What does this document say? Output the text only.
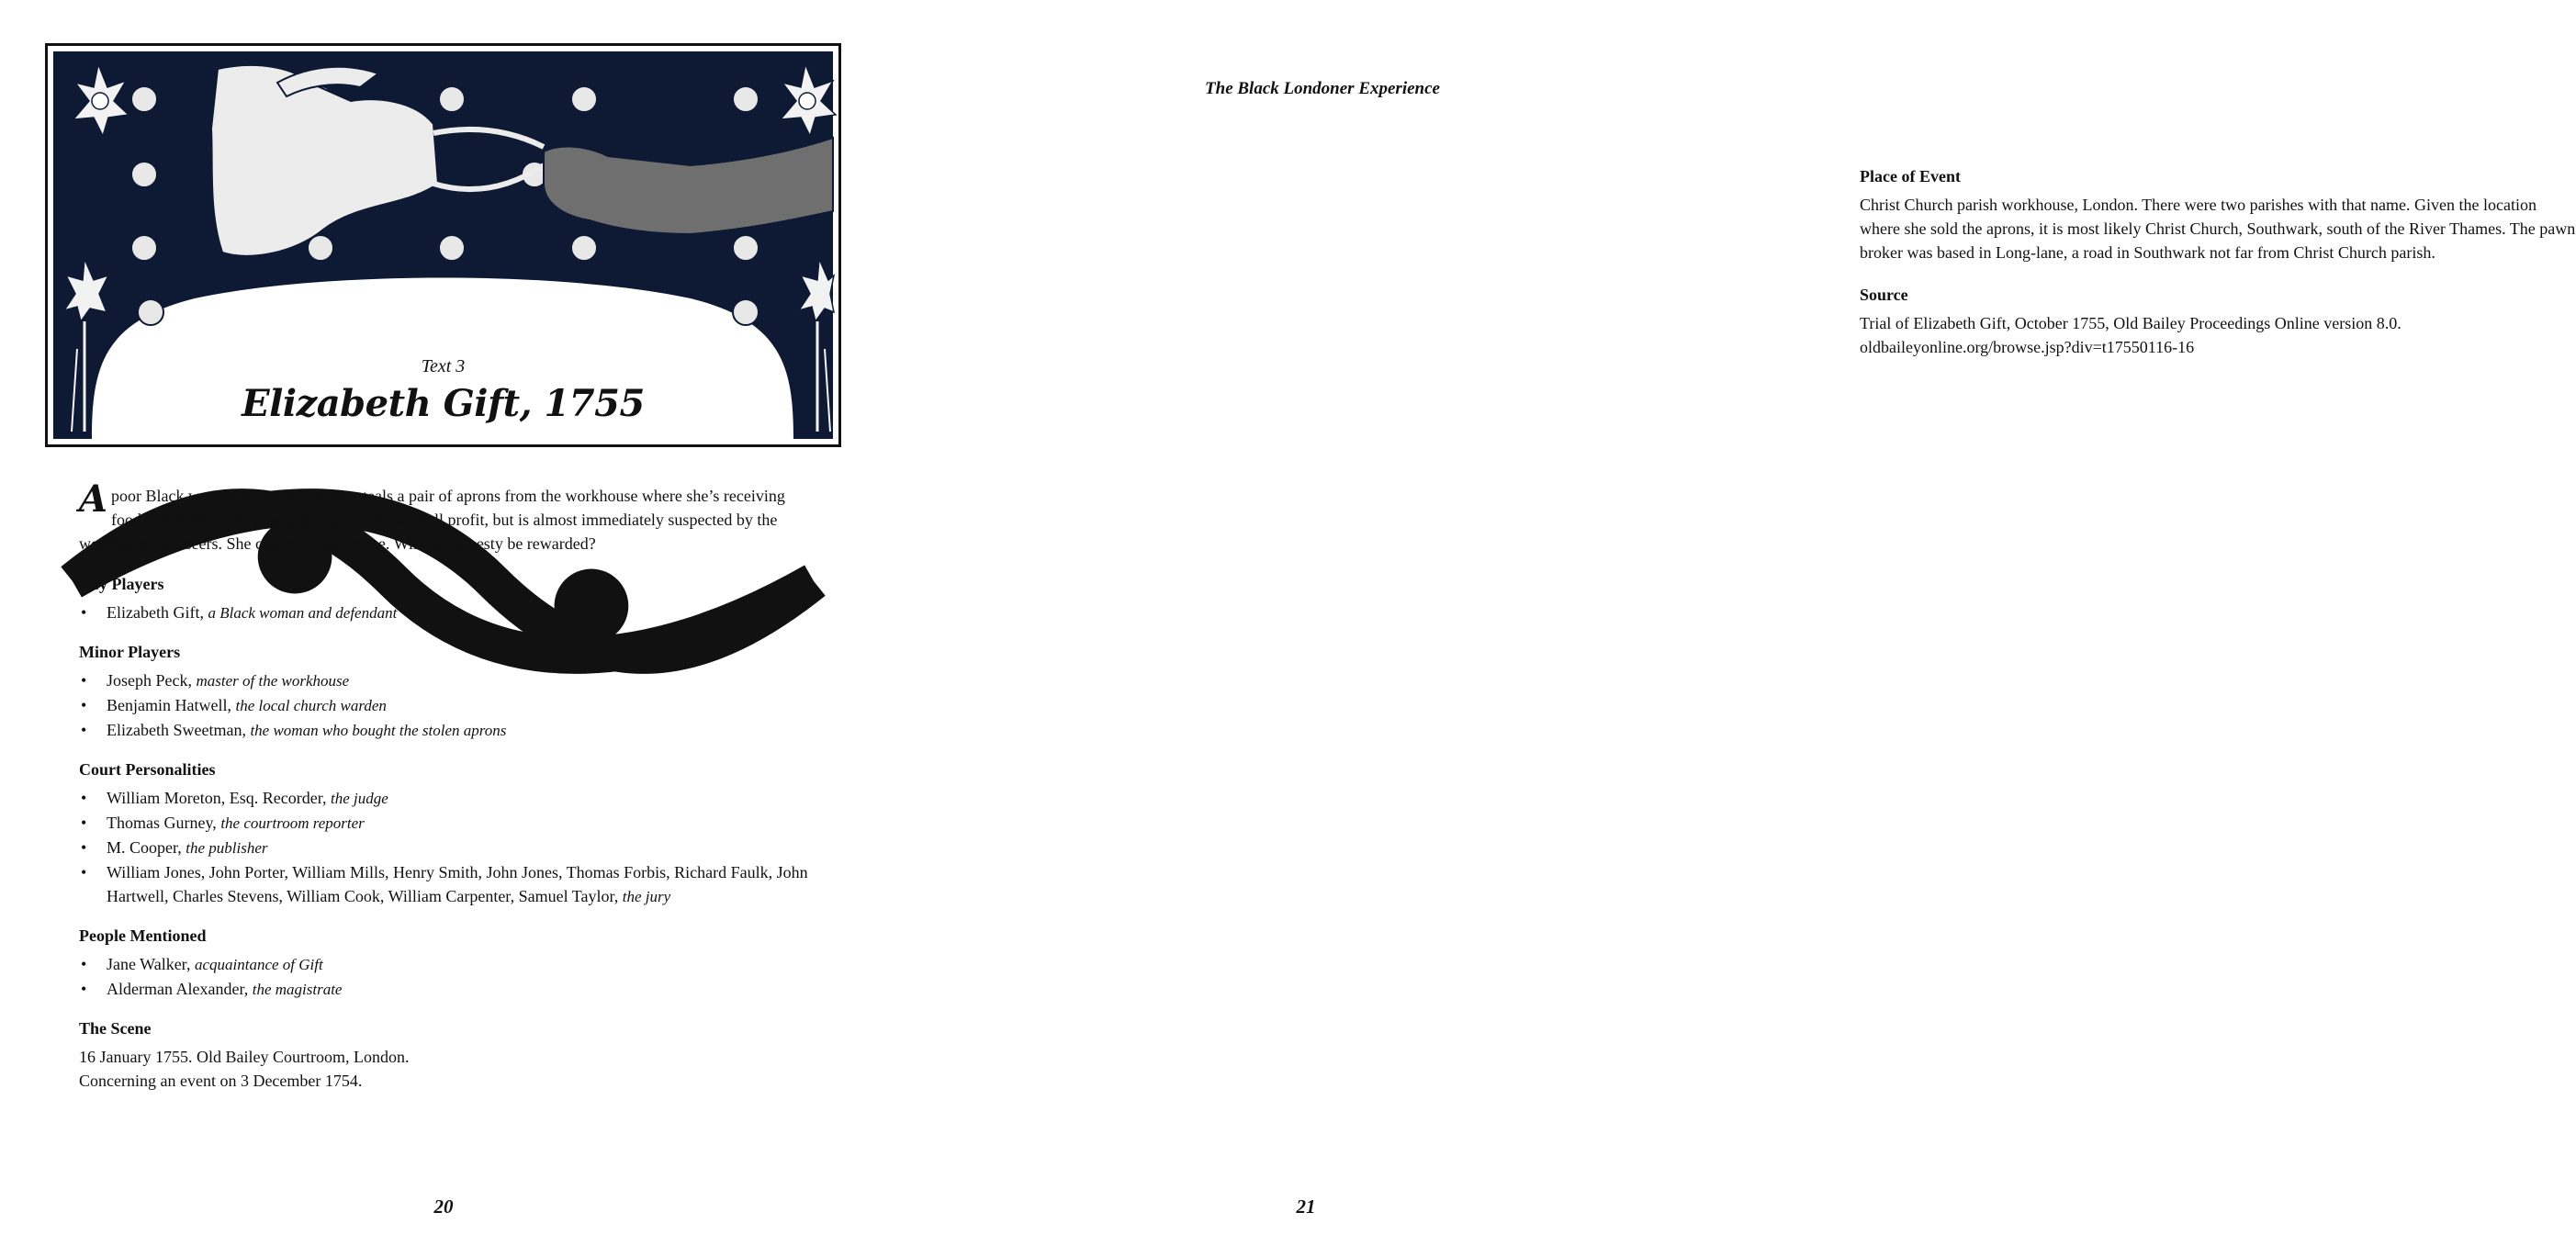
Text 3
Elizabeth Gift, 1755

A poor Black woman in South London steals a pair of aprons from the workhouse where she’s receiving food and shelter. She pawns the aprons for a small profit, but is almost immediately suspected by the workhouse overseers. She confesses her crime. Will her honesty be rewarded?

Key Players
• Elizabeth Gift, a Black woman and defendant
Minor Players
• Joseph Peck, master of the workhouse
• Benjamin Hatwell, the local church warden
• Elizabeth Sweetman, the woman who bought the stolen aprons
Court Personalities
• William Moreton, Esq. Recorder, the judge
• Thomas Gurney, the courtroom reporter
• M. Cooper, the publisher
• William Jones, John Porter, William Mills, Henry Smith, John Jones, Thomas Forbis, Richard Faulk, John Hartwell, Charles Stevens, William Cook, William Carpenter, Samuel Taylor, the jury
People Mentioned
• Jane Walker, acquaintance of Gift
• Alderman Alexander, the magistrate
The Scene
16 January 1755. Old Bailey Courtroom, London.
Concerning an event on 3 December 1754.
20
The Black Londoner Experience
Place of Event

Christ Church parish workhouse, London. There were two parishes with that name. Given the location where she sold the aprons, it is most likely Christ Church, Southwark, south of the River Thames. The pawn broker was based in Long-lane, a road in Southwark not far from Christ Church parish.

Source

Trial of Elizabeth Gift, October 1755, Old Bailey Proceedings Online version 8.0. oldbaileyonline.org/browse.jsp?div=t17550116-16

21
